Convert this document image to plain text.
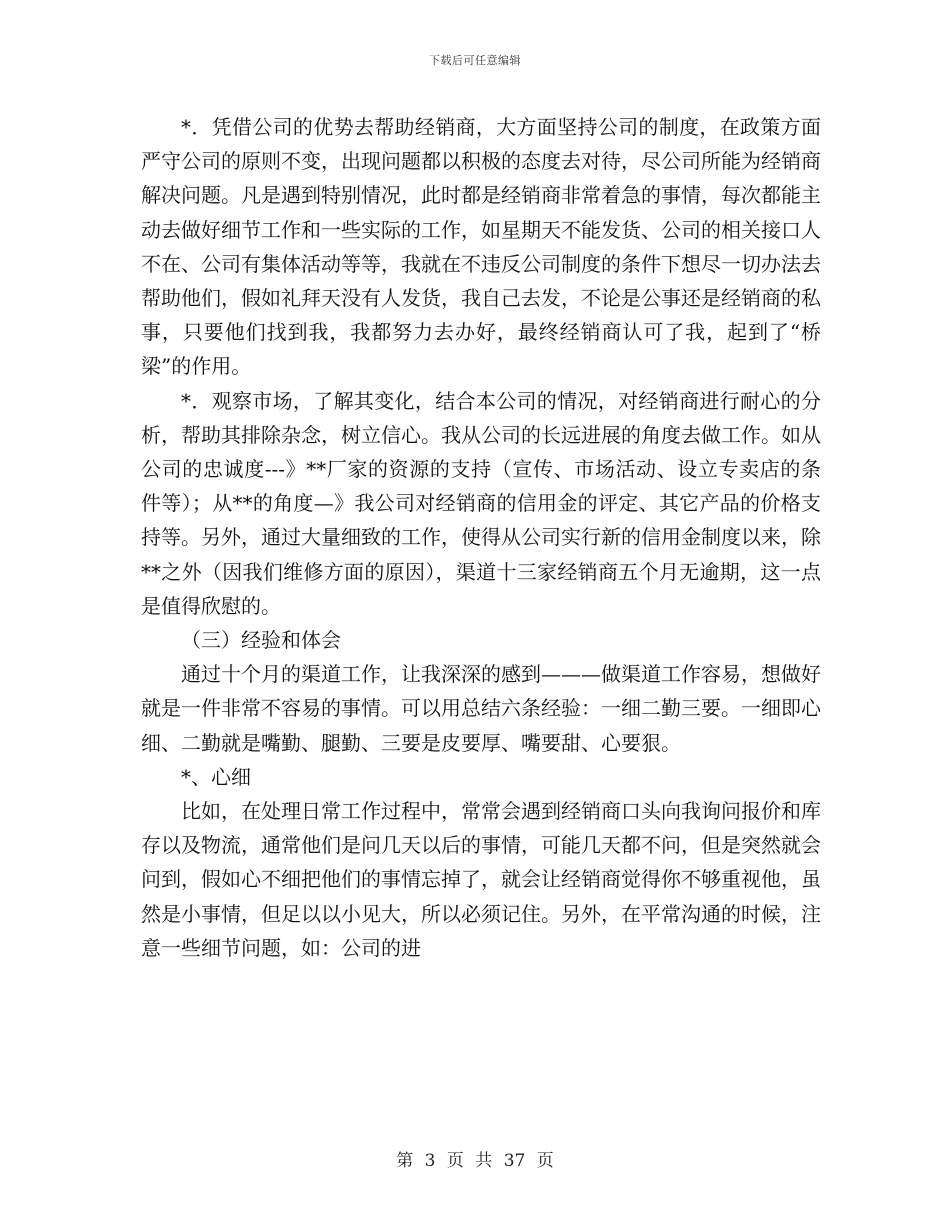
下载后可任意编辑

*．凭借公司的优势去帮助经销商，大方面坚持公司的制度，在政策方面严守公司的原则不变，出现问题都以积极的态度去对待，尽公司所能为经销商解决问题。凡是遇到特别情况，此时都是经销商非常着急的事情，每次都能主动去做好细节工作和一些实际的工作，如星期天不能发货、公司的相关接口人不在、公司有集体活动等等，我就在不违反公司制度的条件下想尽一切办法去帮助他们，假如礼拜天没有人发货，我自己去发，不论是公事还是经销商的私事，只要他们找到我，我都努力去办好，最终经销商认可了我，起到了“桥梁”的作用。

*．观察市场，了解其变化，结合本公司的情况，对经销商进行耐心的分析，帮助其排除杂念，树立信心。我从公司的长远进展的角度去做工作。如从公司的忠诚度---》**厂家的资源的支持（宣传、市场活动、设立专卖店的条件等）；从**的角度—》我公司对经销商的信用金的评定、其它产品的价格支持等。另外，通过大量细致的工作，使得从公司实行新的信用金制度以来，除**之外（因我们维修方面的原因），渠道十三家经销商五个月无逾期，这一点是值得欣慰的。

（三）经验和体会

通过十个月的渠道工作，让我深深的感到———做渠道工作容易，想做好就是一件非常不容易的事情。可以用总结六条经验：一细二勤三要。一细即心细、二勤就是嘴勤、腿勤、三要是皮要厚、嘴要甜、心要狠。

*、心细

比如，在处理日常工作过程中，常常会遇到经销商口头向我询问报价和库存以及物流，通常他们是问几天以后的事情，可能几天都不问，但是突然就会问到，假如心不细把他们的事情忘掉了，就会让经销商觉得你不够重视他，虽然是小事情，但足以以小见大，所以必须记住。另外，在平常沟通的时候，注意一些细节问题，如：公司的进

第 3 页 共 37 页
